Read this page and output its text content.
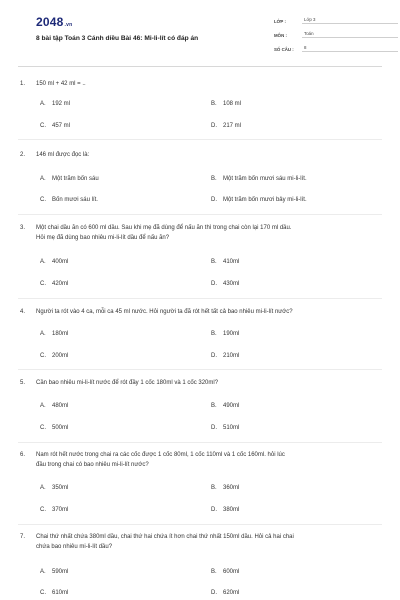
2048.vn
8 bài tập Toán 3 Cánh diều Bài 46: Mi-li-lít có đáp án
LỚP :	Lớp 3
MÔN :	Toán
SỐ CÂU :	8
1.	150 ml + 42 ml = ..
A.	192 ml	B.	108 ml
C.	457 ml	D.	217 ml
2.	146 ml được đọc là:
A.	Một trăm bốn sáu	B.	Một trăm bốn mươi sáu mi-li-lít.
C.	Bốn mươi sáu lít.	D.	Một trăm bốn mươi bảy mi-li-lít.
3.	Một chai dầu ăn có 600 ml dầu. Sau khi mẹ đã dùng để nấu ăn thì trong chai còn lại 170 ml dầu.
Hỏi mẹ đã dùng bao nhiêu mi-li-lít dầu để nấu ăn?
A.	400ml	B.	410ml
C.	420ml	D.	430ml
4.	Người ta rót vào 4 ca, mỗi ca 45 ml nước. Hỏi người ta đã rót hết tất cả bao nhiêu mi-li-lít nước?
A.	180ml	B.	190ml
C.	200ml	D.	210ml
5.	Cần bao nhiêu mi-li-lít nước để rót đầy 1 cốc 180ml và 1 cốc 320ml?
A.	480ml	B.	490ml
C.	500ml	D.	510ml
6.	Nam rót hết nước trong chai ra các cốc được 1 cốc 80ml, 1 cốc 110ml và 1 cốc 160ml. hỏi lúc
đầu trong chai có bao nhiêu mi-li-lít nước?
A.	350ml	B.	360ml
C.	370ml	D.	380ml
7.	Chai thứ nhất chứa 380ml dầu, chai thứ hai chứa ít hơn chai thứ nhất 150ml dầu. Hỏi cả hai chai
chứa bao nhiêu mi-li-lít dầu?
A.	590ml	B.	600ml
C.	610ml	D.	620ml
